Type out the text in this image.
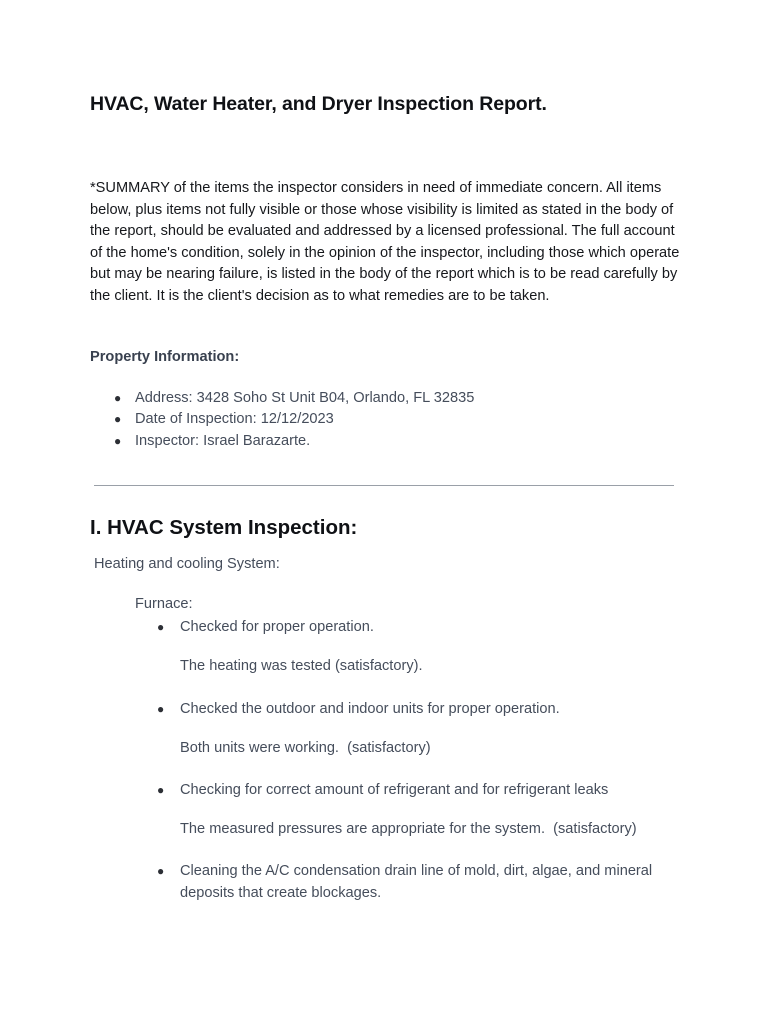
HVAC, Water Heater, and Dryer Inspection Report.

*SUMMARY of the items the inspector considers in need of immediate concern. All items below, plus items not fully visible or those whose visibility is limited as stated in the body of the report, should be evaluated and addressed by a licensed professional. The full account of the home's condition, solely in the opinion of the inspector, including those which operate but may be nearing failure, is listed in the body of the report which is to be read carefully by the client. It is the client's decision as to what remedies are to be taken.

Property Information:

● Address: 3428 Soho St Unit B04, Orlando, FL 32835
● Date of Inspection: 12/12/2023
● Inspector: Israel Barazarte.
I. HVAC System Inspection:

Heating and cooling System:

Furnace:

● Checked for proper operation.
The heating was tested (satisfactory).
● Checked the outdoor and indoor units for proper operation.
Both units were working.  (satisfactory)
● Checking for correct amount of refrigerant and for refrigerant leaks
The measured pressures are appropriate for the system.  (satisfactory)
● Cleaning the A/C condensation drain line of mold, dirt, algae, and mineral deposits that create blockages.
